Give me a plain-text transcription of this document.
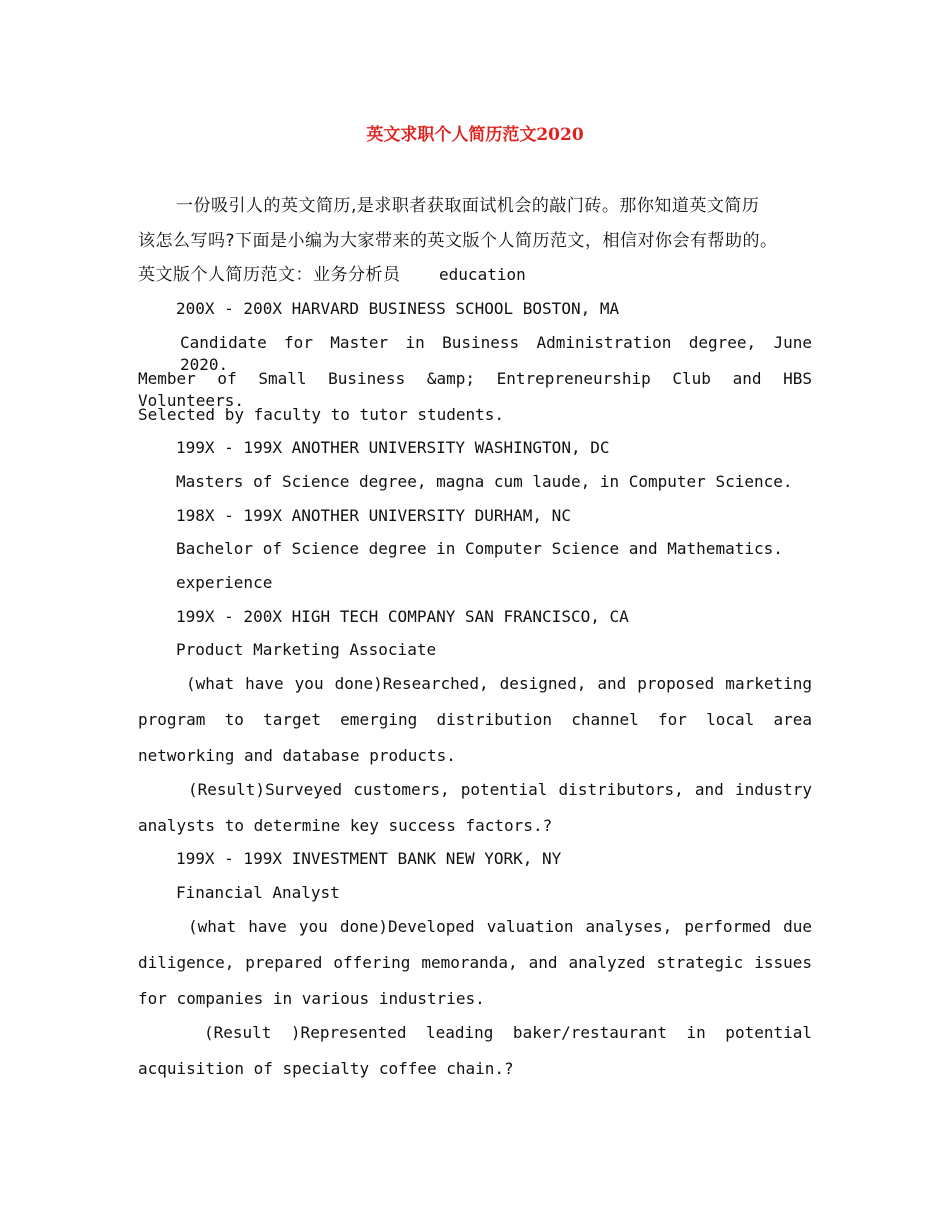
英文求职个人简历范文2020
一份吸引人的英文简历,是求职者获取面试机会的敲门砖。那你知道英文简历
该怎么写吗?下面是小编为大家带来的英文版个人简历范文，相信对你会有帮助的。
英文版个人简历范文：业务分析员    education
200X - 200X HARVARD BUSINESS SCHOOL BOSTON, MA
Candidate for Master in Business Administration degree, June 2020.
Member of Small Business &amp; Entrepreneurship Club and HBS Volunteers.
Selected by faculty to tutor students.
199X - 199X ANOTHER UNIVERSITY WASHINGTON, DC
Masters of Science degree, magna cum laude, in Computer Science.
198X - 199X ANOTHER UNIVERSITY DURHAM, NC
Bachelor of Science degree in Computer Science and Mathematics.
experience
199X - 200X HIGH TECH COMPANY SAN FRANCISCO, CA
Product Marketing Associate
(what have you done)Researched, designed, and proposed marketing
program to target emerging distribution channel for local area
networking and database products.
(Result)Surveyed customers, potential distributors, and industry
analysts to determine key success factors.?
199X - 199X INVESTMENT BANK NEW YORK, NY
Financial Analyst
(what have you done)Developed valuation analyses, performed due
diligence, prepared offering memoranda, and analyzed strategic issues
for companies in various industries.
(Result )Represented leading baker/restaurant in potential
acquisition of specialty coffee chain.?
